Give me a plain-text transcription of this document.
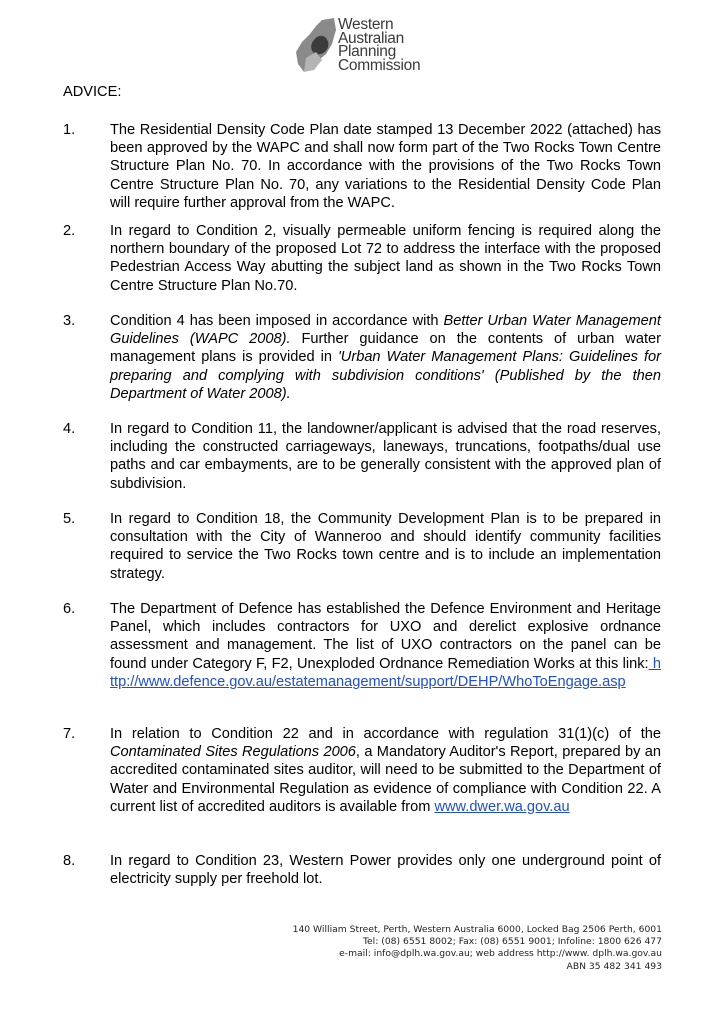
Western
Australian
Planning
Commission
ADVICE:
1. The Residential Density Code Plan date stamped 13 December 2022 (attached) has been approved by the WAPC and shall now form part of the Two Rocks Town Centre Structure Plan No. 70. In accordance with the provisions of the Two Rocks Town Centre Structure Plan No. 70, any variations to the Residential Density Code Plan will require further approval from the WAPC.
2. In regard to Condition 2, visually permeable uniform fencing is required along the northern boundary of the proposed Lot 72 to address the interface with the proposed Pedestrian Access Way abutting the subject land as shown in the Two Rocks Town Centre Structure Plan No.70.
3. Condition 4 has been imposed in accordance with Better Urban Water Management Guidelines (WAPC 2008). Further guidance on the contents of urban water management plans is provided in 'Urban Water Management Plans: Guidelines for preparing and complying with subdivision conditions' (Published by the then Department of Water 2008).
4. In regard to Condition 11, the landowner/applicant is advised that the road reserves, including the constructed carriageways, laneways, truncations, footpaths/dual use paths and car embayments, are to be generally consistent with the approved plan of subdivision.
5. In regard to Condition 18, the Community Development Plan is to be prepared in consultation with the City of Wanneroo and should identify community facilities required to service the Two Rocks town centre and is to include an implementation strategy.
6. The Department of Defence has established the Defence Environment and Heritage Panel, which includes contractors for UXO and derelict explosive ordnance assessment and management. The list of UXO contractors on the panel can be found under Category F, F2, Unexploded Ordnance Remediation Works at this link: http://www.defence.gov.au/estatemanagement/support/DEHP/WhoToEngage.asp
7. In relation to Condition 22 and in accordance with regulation 31(1)(c) of the Contaminated Sites Regulations 2006, a Mandatory Auditor's Report, prepared by an accredited contaminated sites auditor, will need to be submitted to the Department of Water and Environmental Regulation as evidence of compliance with Condition 22. A current list of accredited auditors is available from www.dwer.wa.gov.au
8. In regard to Condition 23, Western Power provides only one underground point of electricity supply per freehold lot.
140 William Street, Perth, Western Australia 6000, Locked Bag 2506 Perth, 6001
Tel: (08) 6551 8002; Fax: (08) 6551 9001; Infoline: 1800 626 477
e-mail: info@dplh.wa.gov.au; web address http://www. dplh.wa.gov.au
ABN 35 482 341 493
